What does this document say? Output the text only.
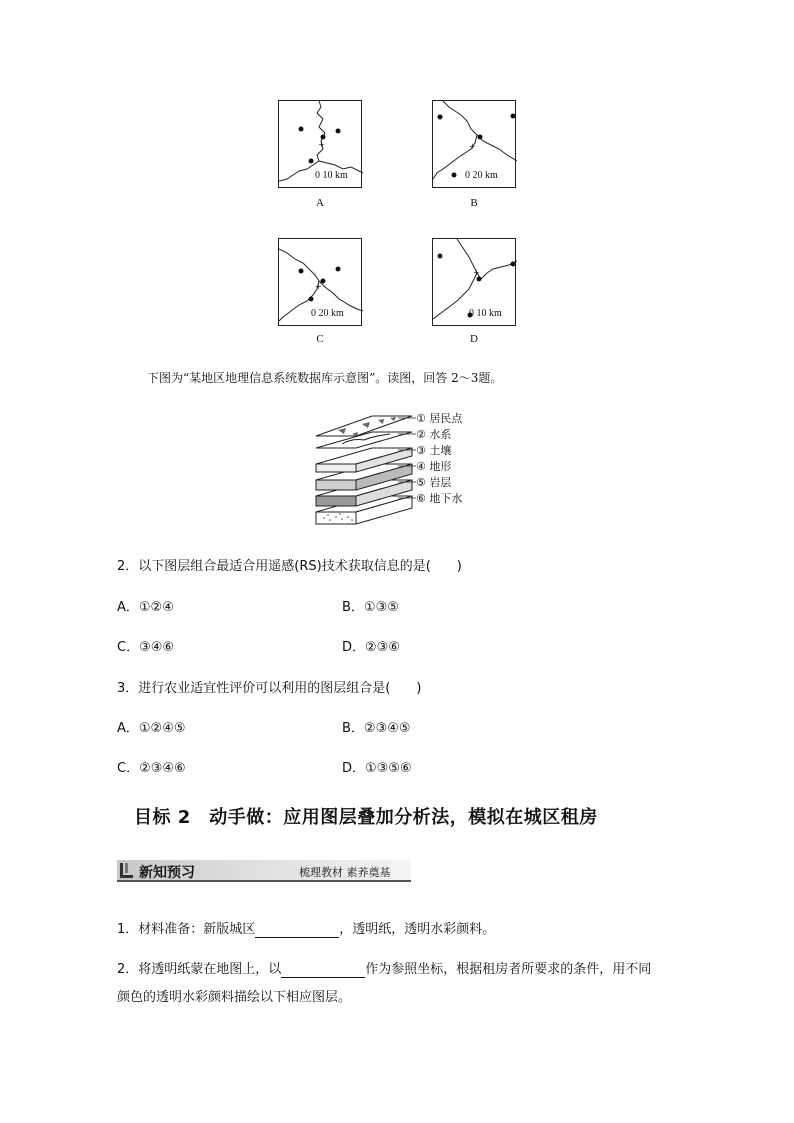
+
0 10 km
A
+
0 20 km
B
+
0 20 km
C
+
0 10 km
D
下图为“某地区地理信息系统数据库示意图”。读图，回答 2～3题。
① 居民点
② 水系
③ 土壤
④ 地形
⑤ 岩层
⑥ 地下水
2．以下图层组合最适合用遥感(RS)技术获取信息的是(　　)
A．①②④	B．①③⑤
C．③④⑥	D．②③⑥
3．进行农业适宜性评价可以利用的图层组合是(　　)
A．①②④⑤	B．②③④⑤
C．②③④⑥	D．①③⑤⑥
目标 2　动手做：应用图层叠加分析法，模拟在城区租房
新知预习	梳理教材 素养奠基
1．材料准备：新版城区	，透明纸，透明水彩颜料。
2．将透明纸蒙在地图上，以	作为参照坐标，根据租房者所要求的条件，用不同
颜色的透明水彩颜料描绘以下相应图层。
